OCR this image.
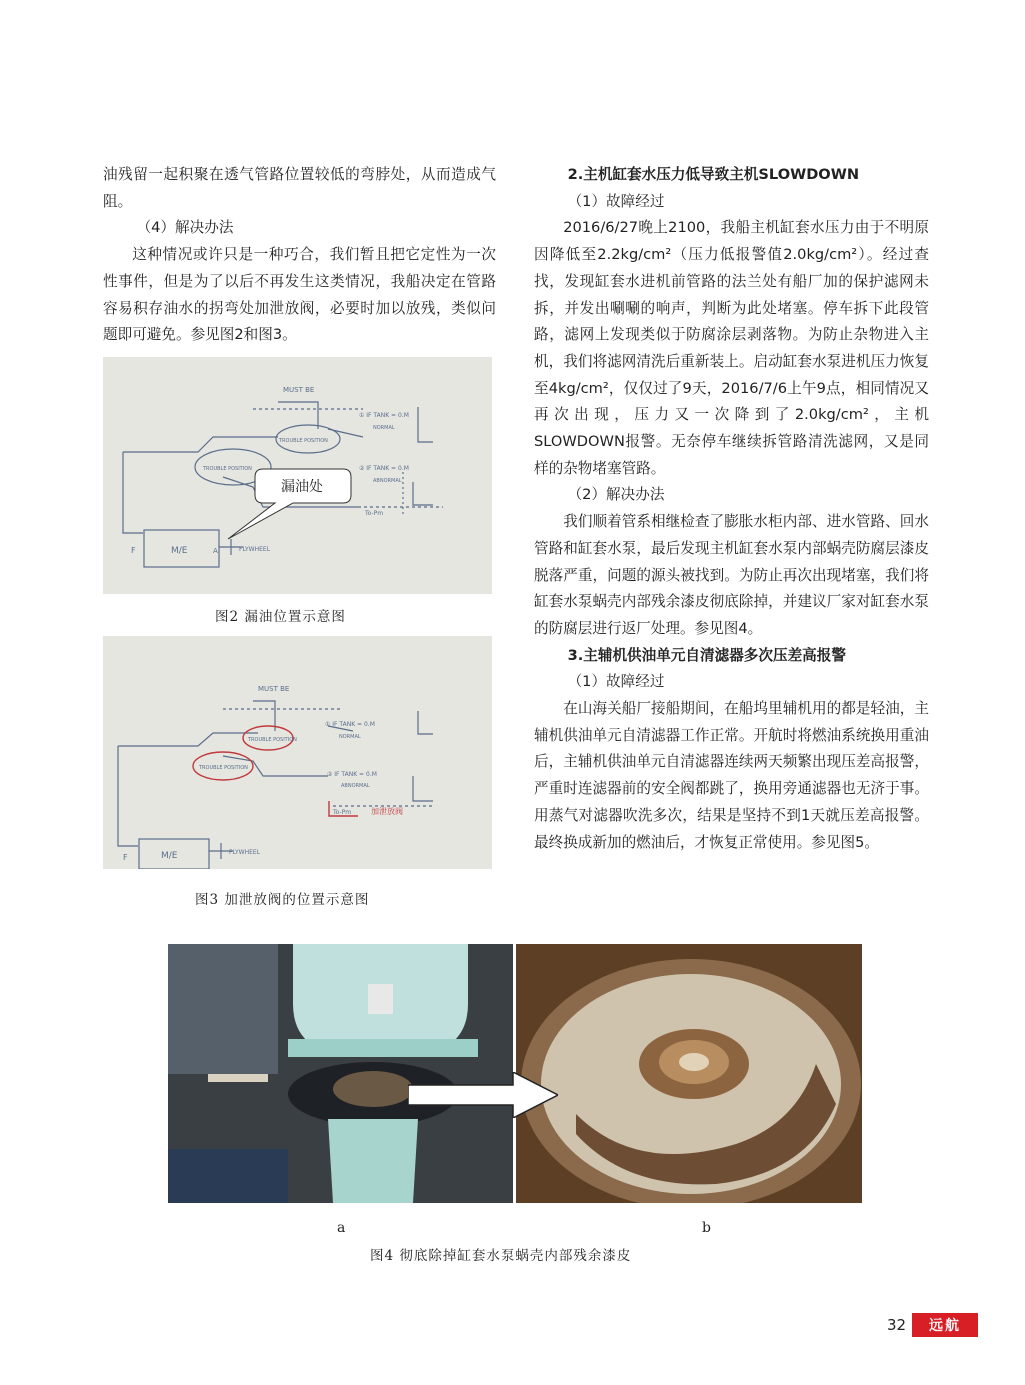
油残留一起积聚在透气管路位置较低的弯脖处，从而造成气阻。

（4）解决办法

这种情况或许只是一种巧合，我们暂且把它定性为一次性事件，但是为了以后不再发生这类情况，我船决定在管路容易积存油水的拐弯处加泄放阀，必要时加以放残，类似问题即可避免。参见图2和图3。

MUST BE
TROUBLE POSITION
TROUBLE POSITION
① IF TANK = 0.M
NORMAL
② IF TANK = 0.M
ABNORMAL
To-Pm
F	M/E	A	FLYWHEEL
漏油处
图2 漏油位置示意图
MUST BE
TROUBLE POSITION
TROUBLE POSITION
① IF TANK = 0.M
NORMAL
② IF TANK = 0.M
ABNORMAL
To-Pm 加泄放阀
F	M/E	FLYWHEEL
图3 加泄放阀的位置示意图

2.主机缸套水压力低导致主机SLOWDOWN

（1）故障经过

2016/6/27晚上2100，我船主机缸套水压力由于不明原因降低至2.2kg/cm²（压力低报警值2.0kg/cm²）。经过查找，发现缸套水进机前管路的法兰处有船厂加的保护滤网未拆，并发出唰唰的响声，判断为此处堵塞。停车拆下此段管路，滤网上发现类似于防腐涂层剥落物。为防止杂物进入主机，我们将滤网清洗后重新装上。启动缸套水泵进机压力恢复至4kg/cm²，仅仅过了9天，2016/7/6上午9点，相同情况又再次出现，压力又一次降到了2.0kg/cm²，主机SLOWDOWN报警。无奈停车继续拆管路清洗滤网，又是同样的杂物堵塞管路。

（2）解决办法

我们顺着管系相继检查了膨胀水柜内部、进水管路、回水管路和缸套水泵，最后发现主机缸套水泵内部蜗壳防腐层漆皮脱落严重，问题的源头被找到。为防止再次出现堵塞，我们将缸套水泵蜗壳内部残余漆皮彻底除掉，并建议厂家对缸套水泵的防腐层进行返厂处理。参见图4。

3.主辅机供油单元自清滤器多次压差高报警

（1）故障经过

在山海关船厂接船期间，在船坞里辅机用的都是轻油，主辅机供油单元自清滤器工作正常。开航时将燃油系统换用重油后，主辅机供油单元自清滤器连续两天频繁出现压差高报警，严重时连滤器前的安全阀都跳了，换用旁通滤器也无济于事。用蒸气对滤器吹洗多次，结果是坚持不到1天就压差高报警。最终换成新加的燃油后，才恢复正常使用。参见图5。

a	b
图4 彻底除掉缸套水泵蜗壳内部残余漆皮
32	远航
